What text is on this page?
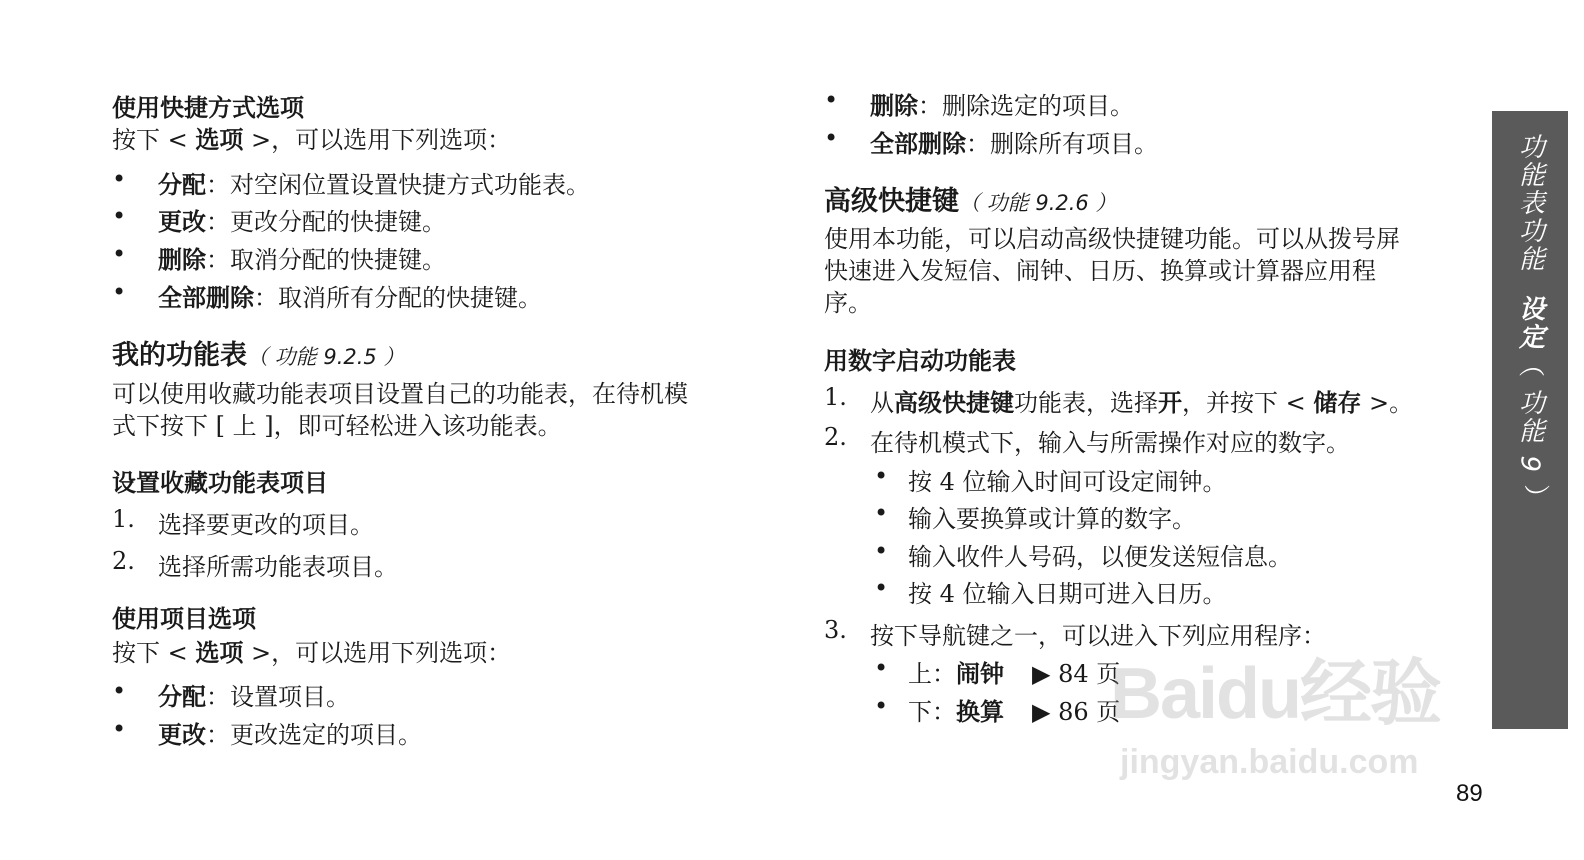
使用快捷方式选项
按下 < 选项 >，可以选用下列选项：
• 分配：对空闲位置设置快捷方式功能表。
• 更改：更改分配的快捷键。
• 删除：取消分配的快捷键。
• 全部删除：取消所有分配的快捷键。
我的功能表（ 功能 9.2.5 ）
可以使用收藏功能表项目设置自己的功能表，在待机模
式下按下 [ 上 ]，即可轻松进入该功能表。
设置收藏功能表项目
1. 选择要更改的项目。
2. 选择所需功能表项目。
使用项目选项
按下 < 选项 >，可以选用下列选项：
• 分配：设置项目。
• 更改：更改选定的项目。
• 删除：删除选定的项目。
• 全部删除：删除所有项目。
高级快捷键（ 功能 9.2.6 ）
使用本功能，可以启动高级快捷键功能。可以从拨号屏
快速进入发短信、闹钟、日历、换算或计算器应用程
序。
用数字启动功能表
1. 从高级快捷键功能表，选择开，并按下 < 储存 >。
2. 在待机模式下，输入与所需操作对应的数字。
• 按 4 位输入时间可设定闹钟。
• 输入要换算或计算的数字。
• 输入收件人号码，以便发送短信息。
• 按 4 位输入日期可进入日历。
3. 按下导航键之一，可以进入下列应用程序：
• 上：闹钟 ▶ 84 页
• 下：换算 ▶ 86 页
功能表功能设定（ 功能 9 ）
Baidu经验
jingyan.baidu.com
89
